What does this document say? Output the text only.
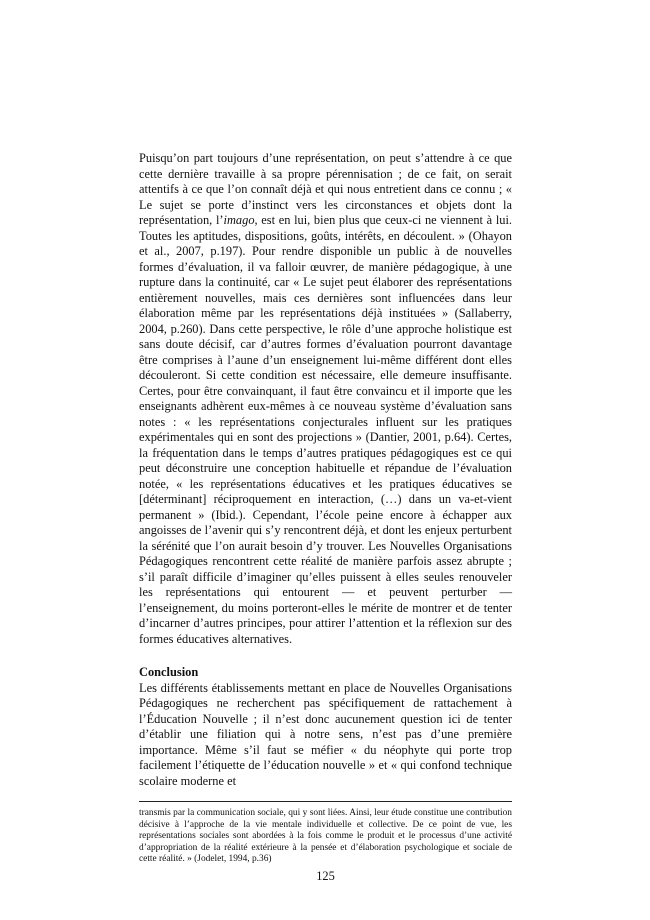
Puisqu’on part toujours d’une représentation, on peut s’attendre à ce que cette dernière travaille à sa propre pérennisation ; de ce fait, on serait attentifs à ce que l’on connaît déjà et qui nous entretient dans ce connu ; « Le sujet se porte d’instinct vers les circonstances et objets dont la représentation, l’imago, est en lui, bien plus que ceux-ci ne viennent à lui. Toutes les aptitudes, dispositions, goûts, intérêts, en découlent. » (Ohayon et al., 2007, p.197). Pour rendre disponible un public à de nouvelles formes d’évaluation, il va falloir œuvrer, de manière pédagogique, à une rupture dans la continuité, car « Le sujet peut élaborer des représentations entièrement nouvelles, mais ces dernières sont influencées dans leur élaboration même par les représentations déjà instituées » (Sallaberry, 2004, p.260). Dans cette perspective, le rôle d’une approche holistique est sans doute décisif, car d’autres formes d’évaluation pourront davantage être comprises à l’aune d’un enseignement lui-même différent dont elles découleront. Si cette condition est nécessaire, elle demeure insuffisante. Certes, pour être convainquant, il faut être convaincu et il importe que les enseignants adhèrent eux-mêmes à ce nouveau système d’évaluation sans notes : « les représentations conjecturales influent sur les pratiques expérimentales qui en sont des projections » (Dantier, 2001, p.64). Certes, la fréquentation dans le temps d’autres pratiques pédagogiques est ce qui peut déconstruire une conception habituelle et répandue de l’évaluation notée, « les représentations éducatives et les pratiques éducatives se [déterminant] réciproquement en interaction, (…) dans un va-et-vient permanent » (Ibid.). Cependant, l’école peine encore à échapper aux angoisses de l’avenir qui s’y rencontrent déjà, et dont les enjeux perturbent la sérénité que l’on aurait besoin d’y trouver. Les Nouvelles Organisations Pédagogiques rencontrent cette réalité de manière parfois assez abrupte ; s’il paraît difficile d’imaginer qu’elles puissent à elles seules renouveler les représentations qui entourent — et peuvent perturber — l’enseignement, du moins porteront-elles le mérite de montrer et de tenter d’incarner d’autres principes, pour attirer l’attention et la réflexion sur des formes éducatives alternatives.

Conclusion

Les différents établissements mettant en place de Nouvelles Organisations Pédagogiques ne recherchent pas spécifiquement de rattachement à l’Éducation Nouvelle ; il n’est donc aucunement question ici de tenter d’établir une filiation qui à notre sens, n’est pas d’une première importance. Même s’il faut se méfier « du néophyte qui porte trop facilement l’étiquette de l’éducation nouvelle » et « qui confond technique scolaire moderne et

transmis par la communication sociale, qui y sont liées. Ainsi, leur étude constitue une contribution décisive à l’approche de la vie mentale individuelle et collective. De ce point de vue, les représentations sociales sont abordées à la fois comme le produit et le processus d’une activité d’appropriation de la réalité extérieure à la pensée et d’élaboration psychologique et sociale de cette réalité. » (Jodelet, 1994, p.36)

125
